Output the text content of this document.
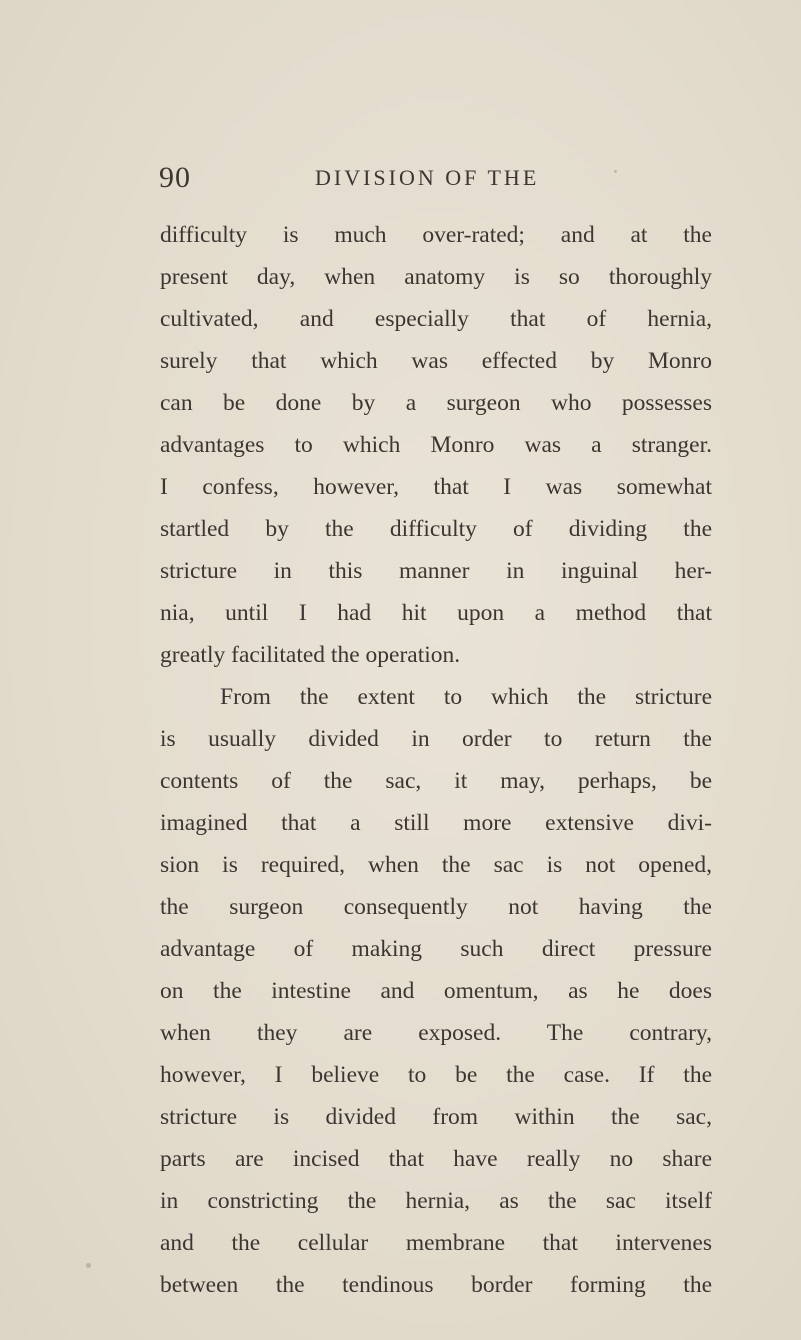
90	DIVISION OF THE
difficulty is much over-rated; and at the
present day, when anatomy is so thoroughly
cultivated, and especially that of hernia,
surely that which was effected by Monro
can be done by a surgeon who possesses
advantages to which Monro was a stranger.
I confess, however, that I was somewhat
startled by the difficulty of dividing the
stricture in this manner in inguinal her-
nia, until I had hit upon a method that
greatly facilitated the operation.
From the extent to which the stricture
is usually divided in order to return the
contents of the sac, it may, perhaps, be
imagined that a still more extensive divi-
sion is required, when the sac is not opened,
the surgeon consequently not having the
advantage of making such direct pressure
on the intestine and omentum, as he does
when they are exposed. The contrary,
however, I believe to be the case. If the
stricture is divided from within the sac,
parts are incised that have really no share
in constricting the hernia, as the sac itself
and the cellular membrane that intervenes
between the tendinous border forming the
